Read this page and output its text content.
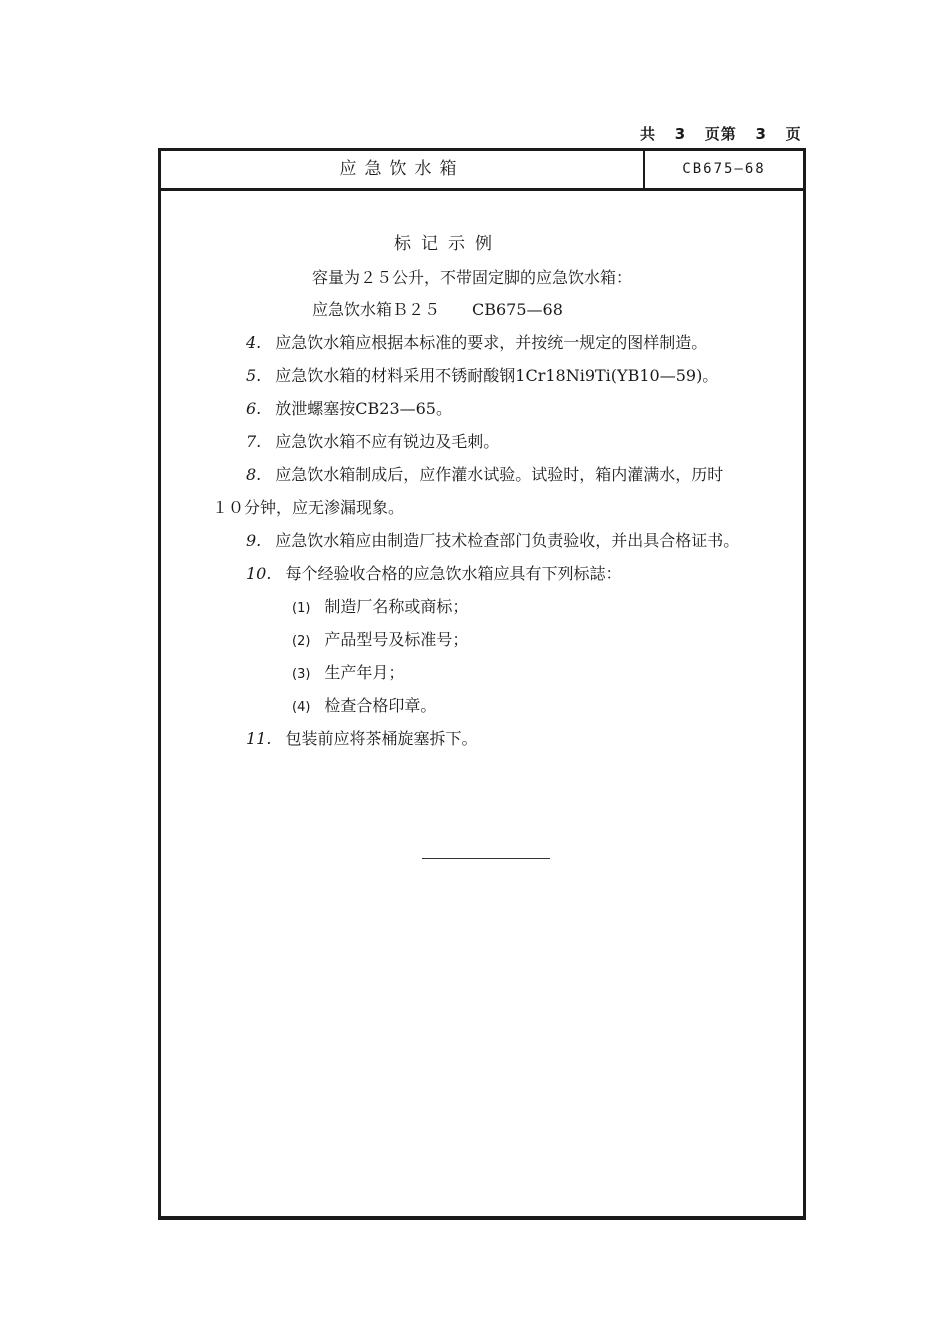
共 3 页第 3 页
应急饮水箱	CB675—68
标记示例
容量为２５公升，不带固定脚的应急饮水箱：
应急饮水箱Ｂ２５　　CB675—68
4. 应急饮水箱应根据本标准的要求，并按统一规定的图样制造。
5. 应急饮水箱的材料采用不锈耐酸钢1Cr18Ni9Ti(YB10—59)。
6. 放泄螺塞按CB23—65。
7. 应急饮水箱不应有锐边及毛刺。
8. 应急饮水箱制成后，应作灌水试验。试验时，箱内灌满水，历时
１０分钟，应无渗漏现象。
9. 应急饮水箱应由制造厂技术检查部门负责验收，并出具合格证书。
10. 每个经验收合格的应急饮水箱应具有下列标誌：
(1) 制造厂名称或商标；
(2) 产品型号及标准号；
(3) 生产年月；
(4) 检查合格印章。
11. 包装前应将茶桶旋塞拆下。
